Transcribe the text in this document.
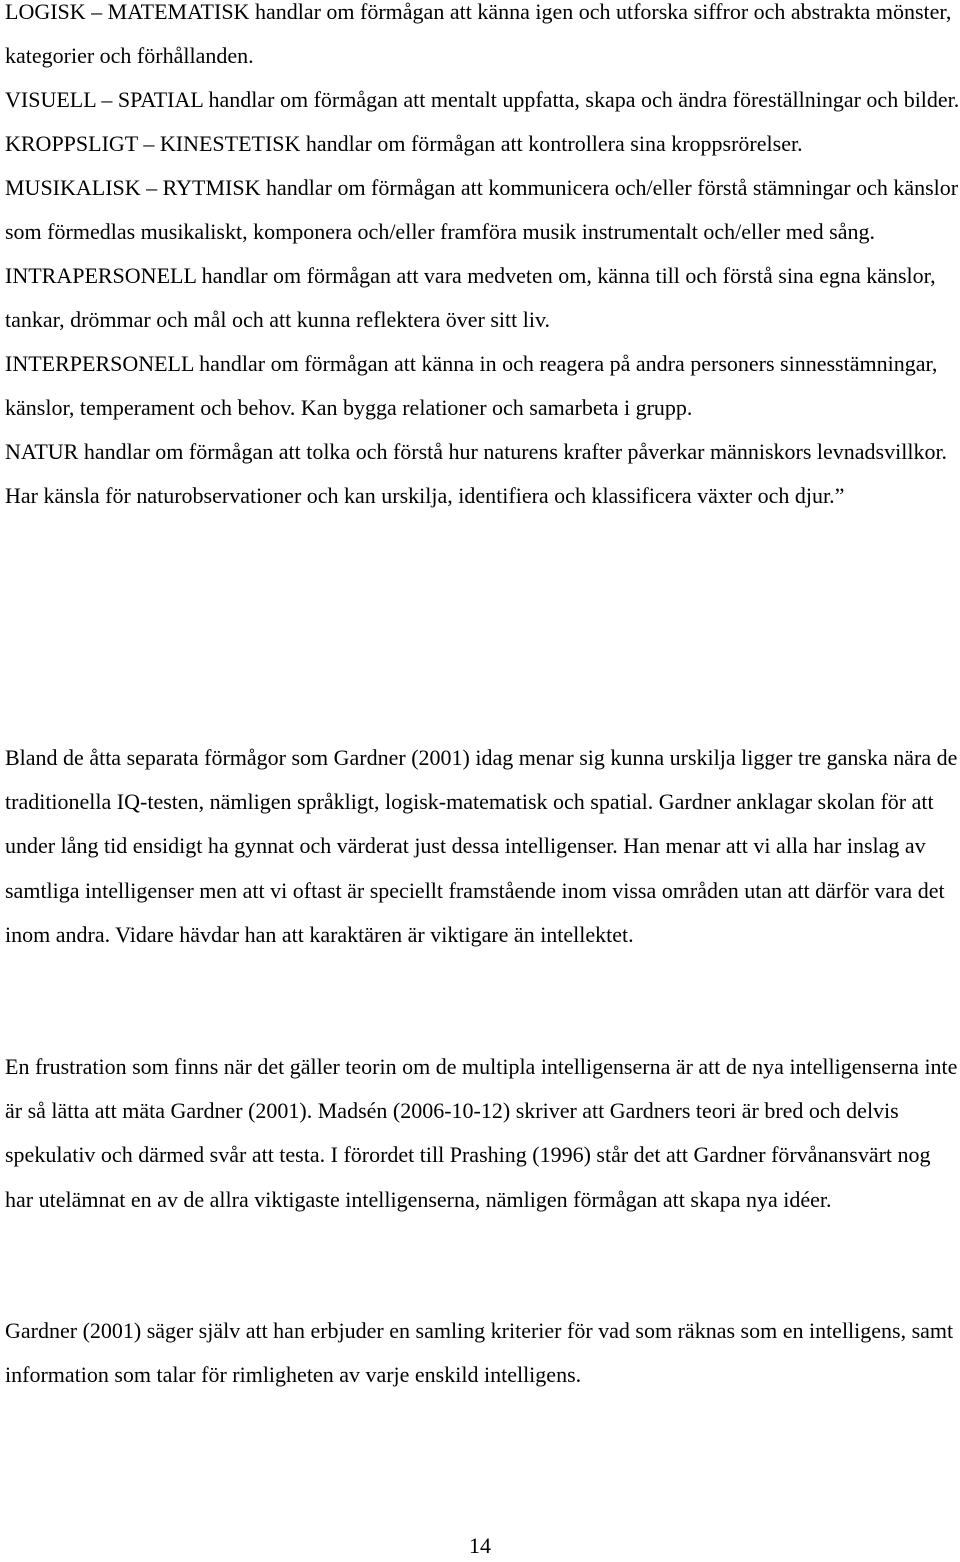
LOGISK – MATEMATISK handlar om förmågan att känna igen och utforska siffror och abstrakta mönster, kategorier och förhållanden.

VISUELL – SPATIAL handlar om förmågan att mentalt uppfatta, skapa och ändra föreställningar och bilder.

KROPPSLIGT – KINESTETISK handlar om förmågan att kontrollera sina kroppsrörelser.

MUSIKALISK – RYTMISK handlar om förmågan att kommunicera och/eller förstå stämningar och känslor som förmedlas musikaliskt, komponera och/eller framföra musik instrumentalt och/eller med sång.

INTRAPERSONELL handlar om förmågan att vara medveten om, känna till och förstå sina egna känslor, tankar, drömmar och mål och att kunna reflektera över sitt liv.

INTERPERSONELL handlar om förmågan att känna in och reagera på andra personers sinnesstämningar, känslor, temperament och behov. Kan bygga relationer och samarbeta i grupp.

NATUR handlar om förmågan att tolka och förstå hur naturens krafter påverkar människors levnadsvillkor. Har känsla för naturobservationer och kan urskilja, identifiera och klassificera växter och djur.”

Bland de åtta separata förmågor som Gardner (2001) idag menar sig kunna urskilja ligger tre ganska nära de traditionella IQ-testen, nämligen språkligt, logisk-matematisk och spatial. Gardner anklagar skolan för att under lång tid ensidigt ha gynnat och värderat just dessa intelligenser. Han menar att vi alla har inslag av samtliga intelligenser men att vi oftast är speciellt framstående inom vissa områden utan att därför vara det inom andra. Vidare hävdar han att karaktären är viktigare än intellektet.

En frustration som finns när det gäller teorin om de multipla intelligenserna är att de nya intelligenserna inte är så lätta att mäta Gardner (2001). Madsén (2006-10-12) skriver att Gardners teori är bred och delvis spekulativ och därmed svår att testa. I förordet till Prashing (1996) står det att Gardner förvånansvärt nog har utelämnat en av de allra viktigaste intelligenserna, nämligen förmågan att skapa nya idéer.

Gardner (2001) säger själv att han erbjuder en samling kriterier för vad som räknas som en intelligens, samt information som talar för rimligheten av varje enskild intelligens.

14
